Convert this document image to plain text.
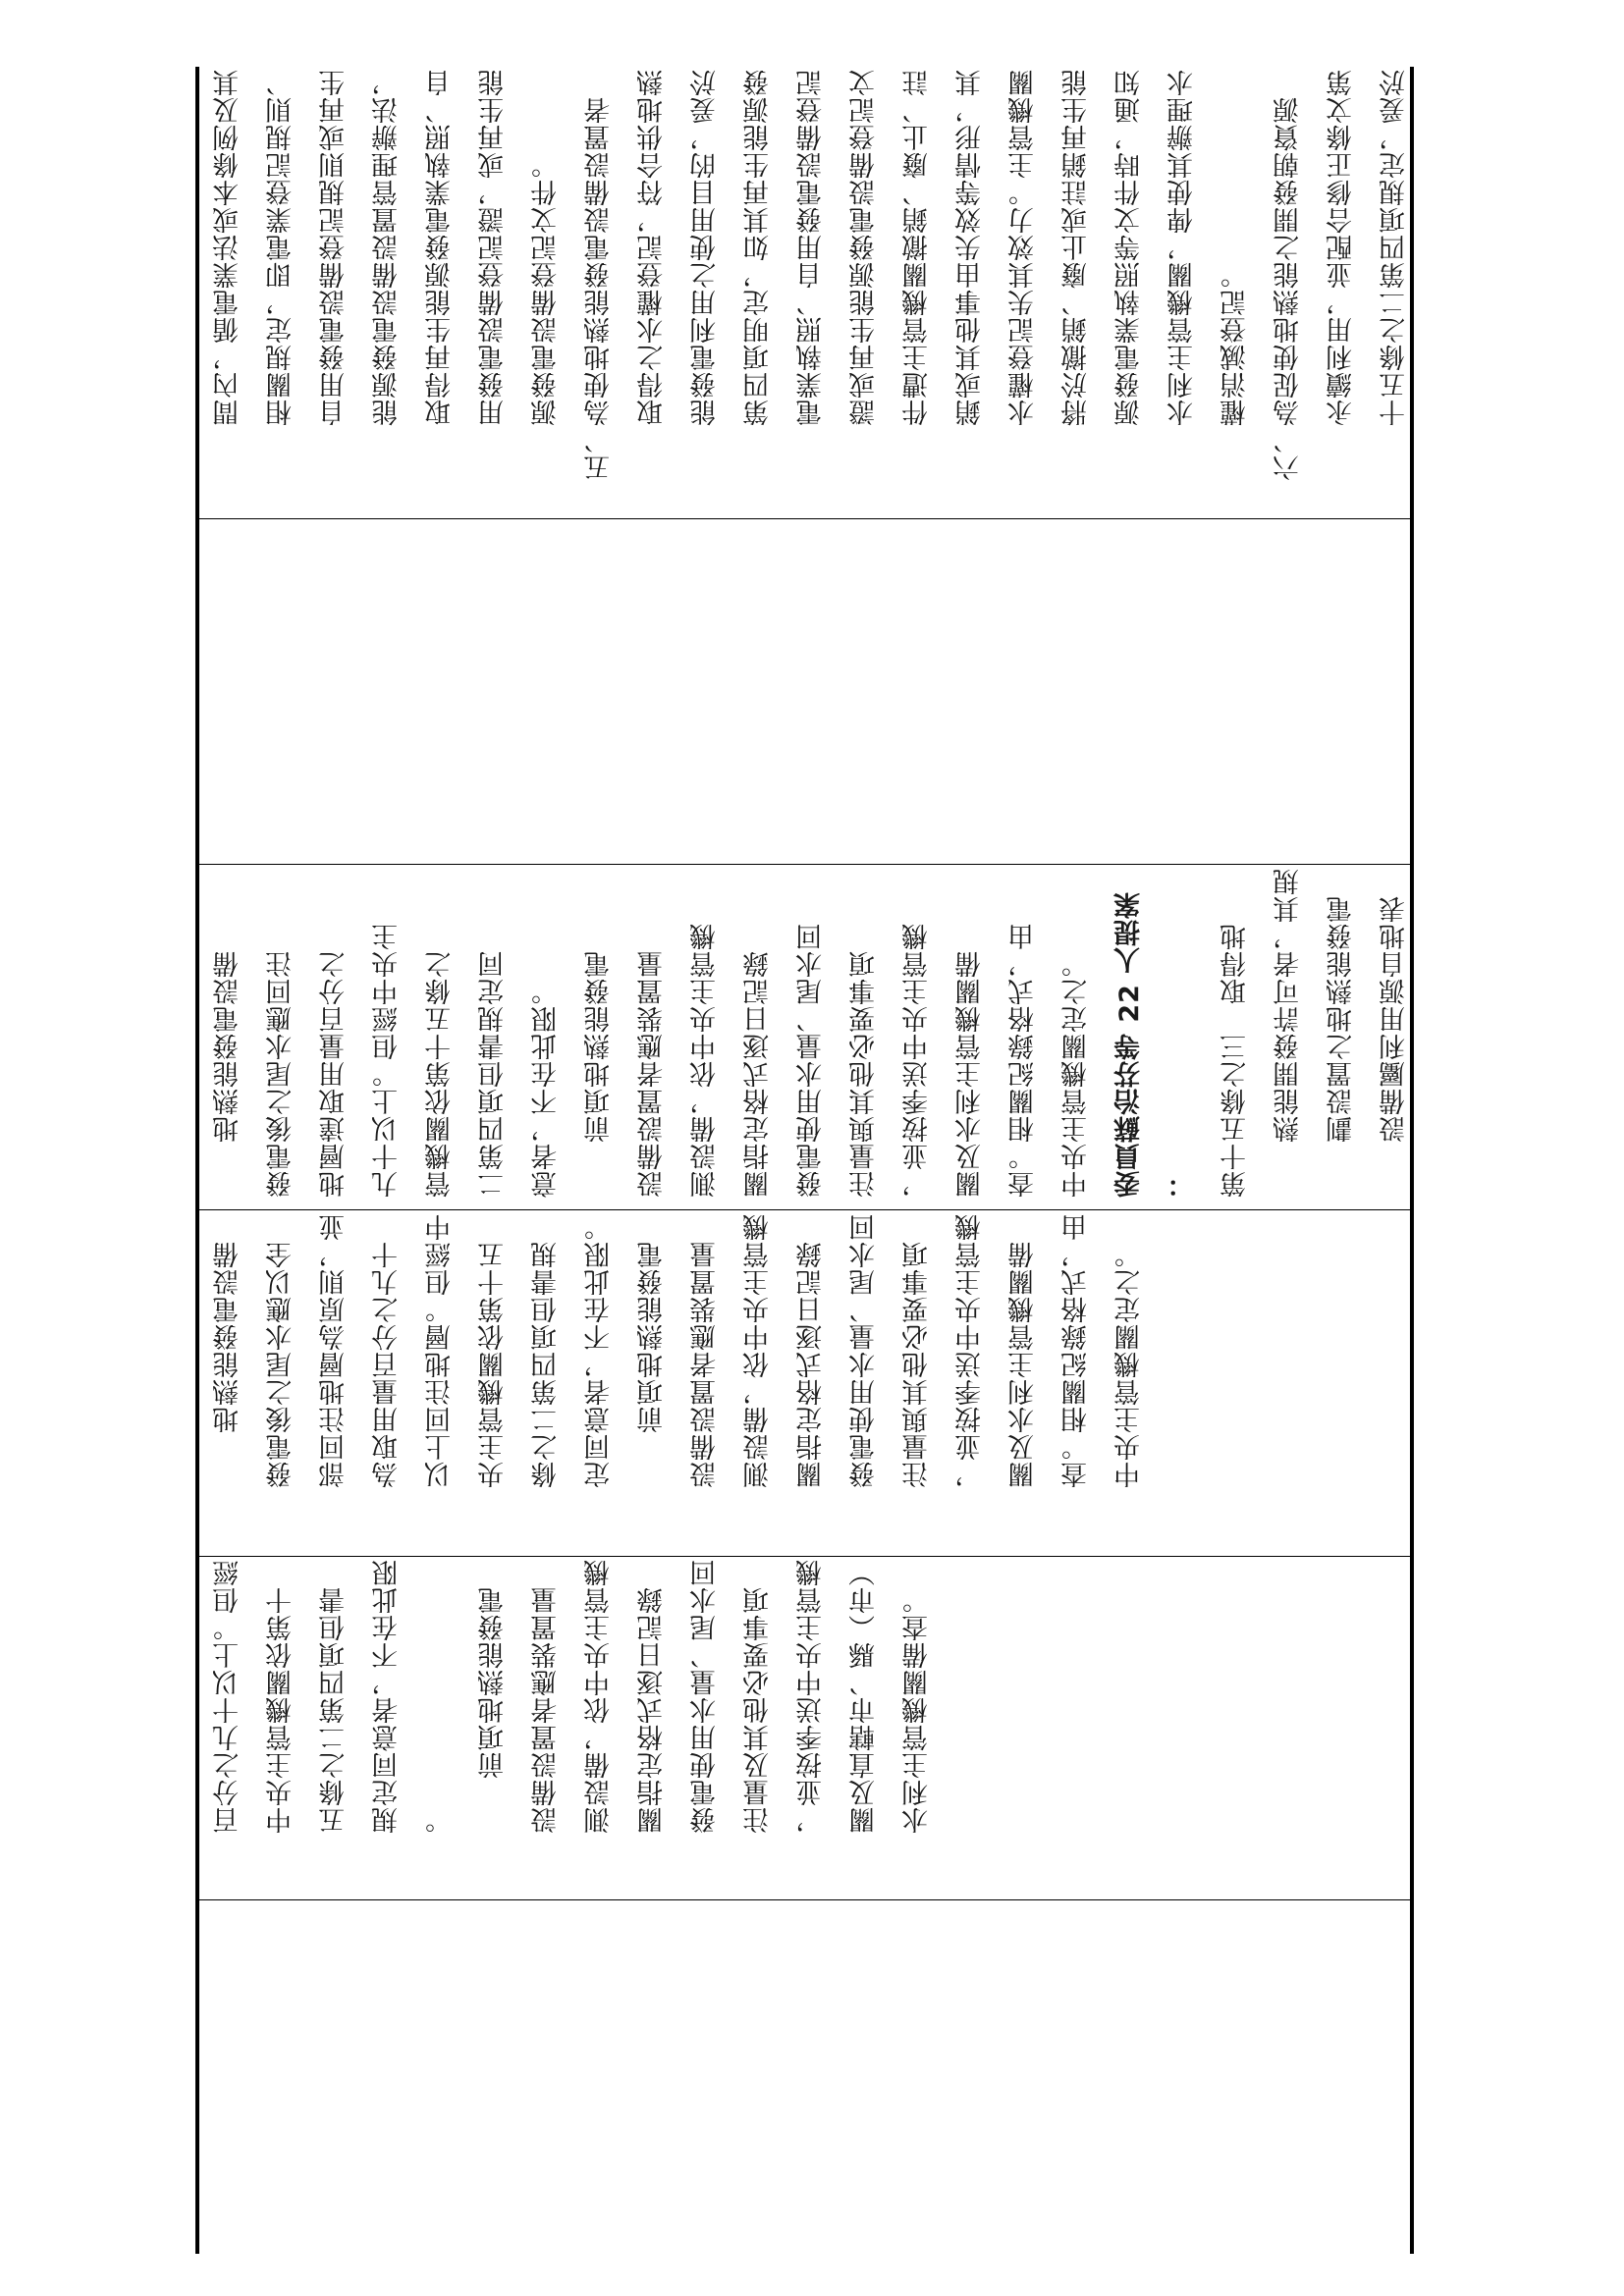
百分之九十以上。但經 中央主管機關依第十 五條之二第四項但書 規定同意者，不在此限 。 　　前項地熱能發電 設備設置者應裝置量 測設備，依中央主管機 關指定格式逐日記錄 發電使用水量、尾水回 注量及其他必要事項 ，並按季送中央主管機 關及直轄市、縣（市） 水利主管機關備查。
　　地熱能發電設備 發電後之尾水應以全 部回注地層為原則，並 為取用量百分之九十 以上回注地層。但經中 央主管機關依第十五 條之二第四項但書規 定同意者，不在此限。 　　前項地熱能發電 設備設置者應裝置量 測設備，依中央主管機 關指定格式逐日記錄 發電使用水量、尾水回 注量與其他必要事項 ，並按季送中央主管機 關及水利主管機關備 查。相關紀錄格式，由 中央主管機關定之。
　　地熱能發電設備 發電後之尾水應回注 地層達取用量百分之 九十以上。但經中央主 管機關依第十五條之 二第四項但書規定同 意者，不在此限。 　　前項地熱能發電 設備設置者應裝置量 測設備，依中央主管機 關指定格式逐日記錄 發電使用水量、尾水回 注量與其他必要事項 ，並按季送中央主管機 關及水利主管機關備 查。相關紀錄格式，由 中央主管機關定之。 委員蘇治芬等 22 人提案 ： 第十五條之三　取得地 　　熱能開發許可者，其規 　　劃設置之地熱能發電 　　設備屬利用源自地表
　　間內，循電業法或本條例及其 　　相關規定，即電業登記規則、 　　自用發電設備登記規則或再生 　　能源發電設備設置管理辦法， 　　取得再生能源發電業執照、自 　　用發電設備登記證，或再生能 　　源發電設備登記文件。 五、為使地熱能發電設備設置者 　　取得之水權登記，符合供地熱 　　能發電利用之使用目的，爰於 　　第四項明定，如其再生能源發 　　電業執照、自用發電設備登記 　　證或再生能源發電設備登記文 　　件遭主管機關撤銷、廢止、註 　　銷或其他事由失效等情形，其 　　水權登記失其效力。主管機關 　　將於撤銷、廢止或註銷再生能 　　源發電業執照等文件時，通知 　　水利主管機關，俾使其辦理水 　　權消滅登記。 六、為促使地熱能之開發朝資源 　　永續利用，並配合修正條文第 　　十五條之二第四項規定，爰於
